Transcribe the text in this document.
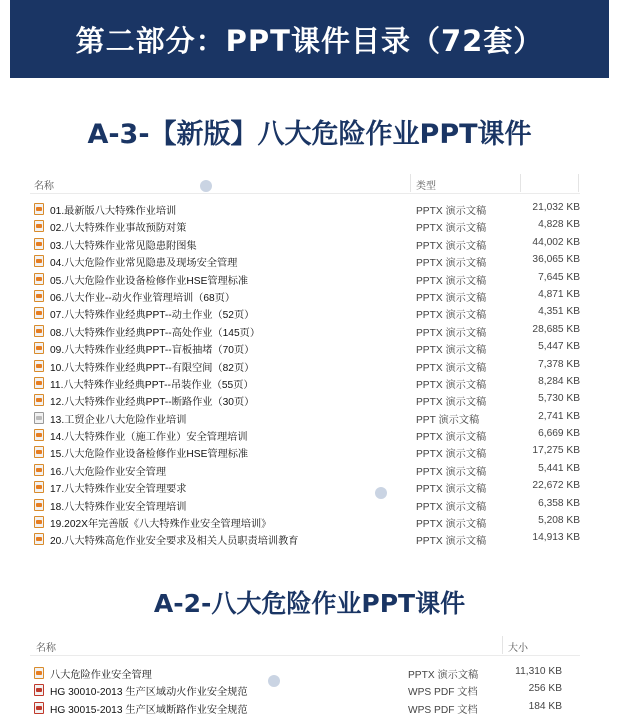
第二部分：PPT课件目录（72套）
A-3-【新版】八大危险作业PPT课件
名称	类型
01.最新版八大特殊作业培训	PPTX 演示文稿	21,032 KB
02.八大特殊作业事故预防对策	PPTX 演示文稿	4,828 KB
03.八大特殊作业常见隐患附图集	PPTX 演示文稿	44,002 KB
04.八大危险作业常见隐患及现场安全管理	PPTX 演示文稿	36,065 KB
05.八大危险作业设备检修作业HSE管理标准	PPTX 演示文稿	7,645 KB
06.八大作业--动火作业管理培训（68页）	PPTX 演示文稿	4,871 KB
07.八大特殊作业经典PPT--动土作业（52页）	PPTX 演示文稿	4,351 KB
08.八大特殊作业经典PPT--高处作业（145页）	PPTX 演示文稿	28,685 KB
09.八大特殊作业经典PPT--盲板抽堵（70页）	PPTX 演示文稿	5,447 KB
10.八大特殊作业经典PPT--有限空间（82页）	PPTX 演示文稿	7,378 KB
11.八大特殊作业经典PPT--吊装作业（55页）	PPTX 演示文稿	8,284 KB
12.八大特殊作业经典PPT--断路作业（30页）	PPTX 演示文稿	5,730 KB
13.工贸企业八大危险作业培训	PPT 演示文稿	2,741 KB
14.八大特殊作业（施工作业）安全管理培训	PPTX 演示文稿	6,669 KB
15.八大危险作业设备检修作业HSE管理标准	PPTX 演示文稿	17,275 KB
16.八大危险作业安全管理	PPTX 演示文稿	5,441 KB
17.八大特殊作业安全管理要求	PPTX 演示文稿	22,672 KB
18.八大特殊作业安全管理培训	PPTX 演示文稿	6,358 KB
19.202X年完善版《八大特殊作业安全管理培训》	PPTX 演示文稿	5,208 KB
20.八大特殊高危作业安全要求及相关人员职责培训教育	PPTX 演示文稿	14,913 KB
A-2-八大危险作业PPT课件
名称	大小
八大危险作业安全管理	PPTX 演示文稿	11,310 KB
HG 30010-2013 生产区域动火作业安全规范	WPS PDF 文档	256 KB
HG 30015-2013 生产区域断路作业安全规范	WPS PDF 文档	184 KB
